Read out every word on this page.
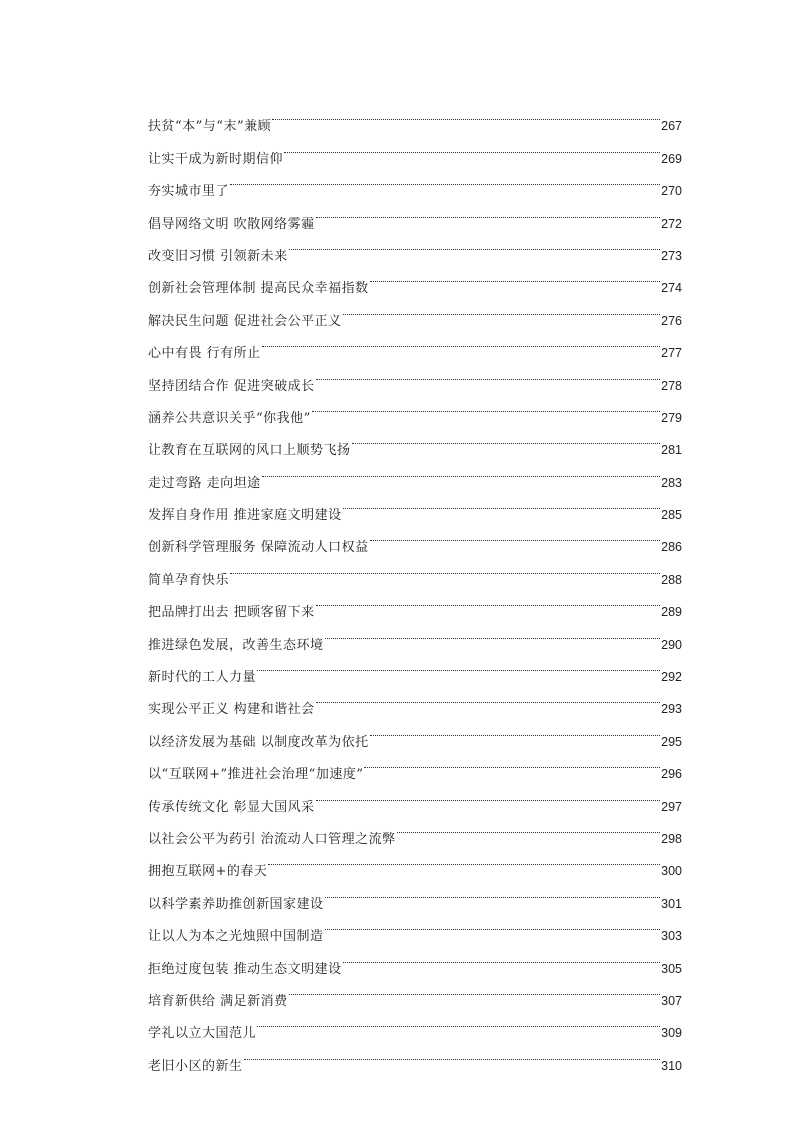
扶贫“本”与“末”兼顾	267
让实干成为新时期信仰	269
夯实城市里了	270
倡导网络文明 吹散网络雾霾	272
改变旧习惯 引领新未来	273
创新社会管理体制 提高民众幸福指数	274
解决民生问题 促进社会公平正义	276
心中有畏 行有所止	277
坚持团结合作 促进突破成长	278
涵养公共意识关乎“你我他”	279
让教育在互联网的风口上顺势飞扬	281
走过弯路 走向坦途	283
发挥自身作用 推进家庭文明建设	285
创新科学管理服务 保障流动人口权益	286
简单孕育快乐	288
把品牌打出去 把顾客留下来	289
推进绿色发展，改善生态环境	290
新时代的工人力量	292
实现公平正义 构建和谐社会	293
以经济发展为基础 以制度改革为依托	295
以“互联网+”推进社会治理“加速度”	296
传承传统文化 彰显大国风采	297
以社会公平为药引 治流动人口管理之流弊	298
拥抱互联网+的春天	300
以科学素养助推创新国家建设	301
让以人为本之光烛照中国制造	303
拒绝过度包装 推动生态文明建设	305
培育新供给 满足新消费	307
学礼以立大国范儿	309
老旧小区的新生	310
